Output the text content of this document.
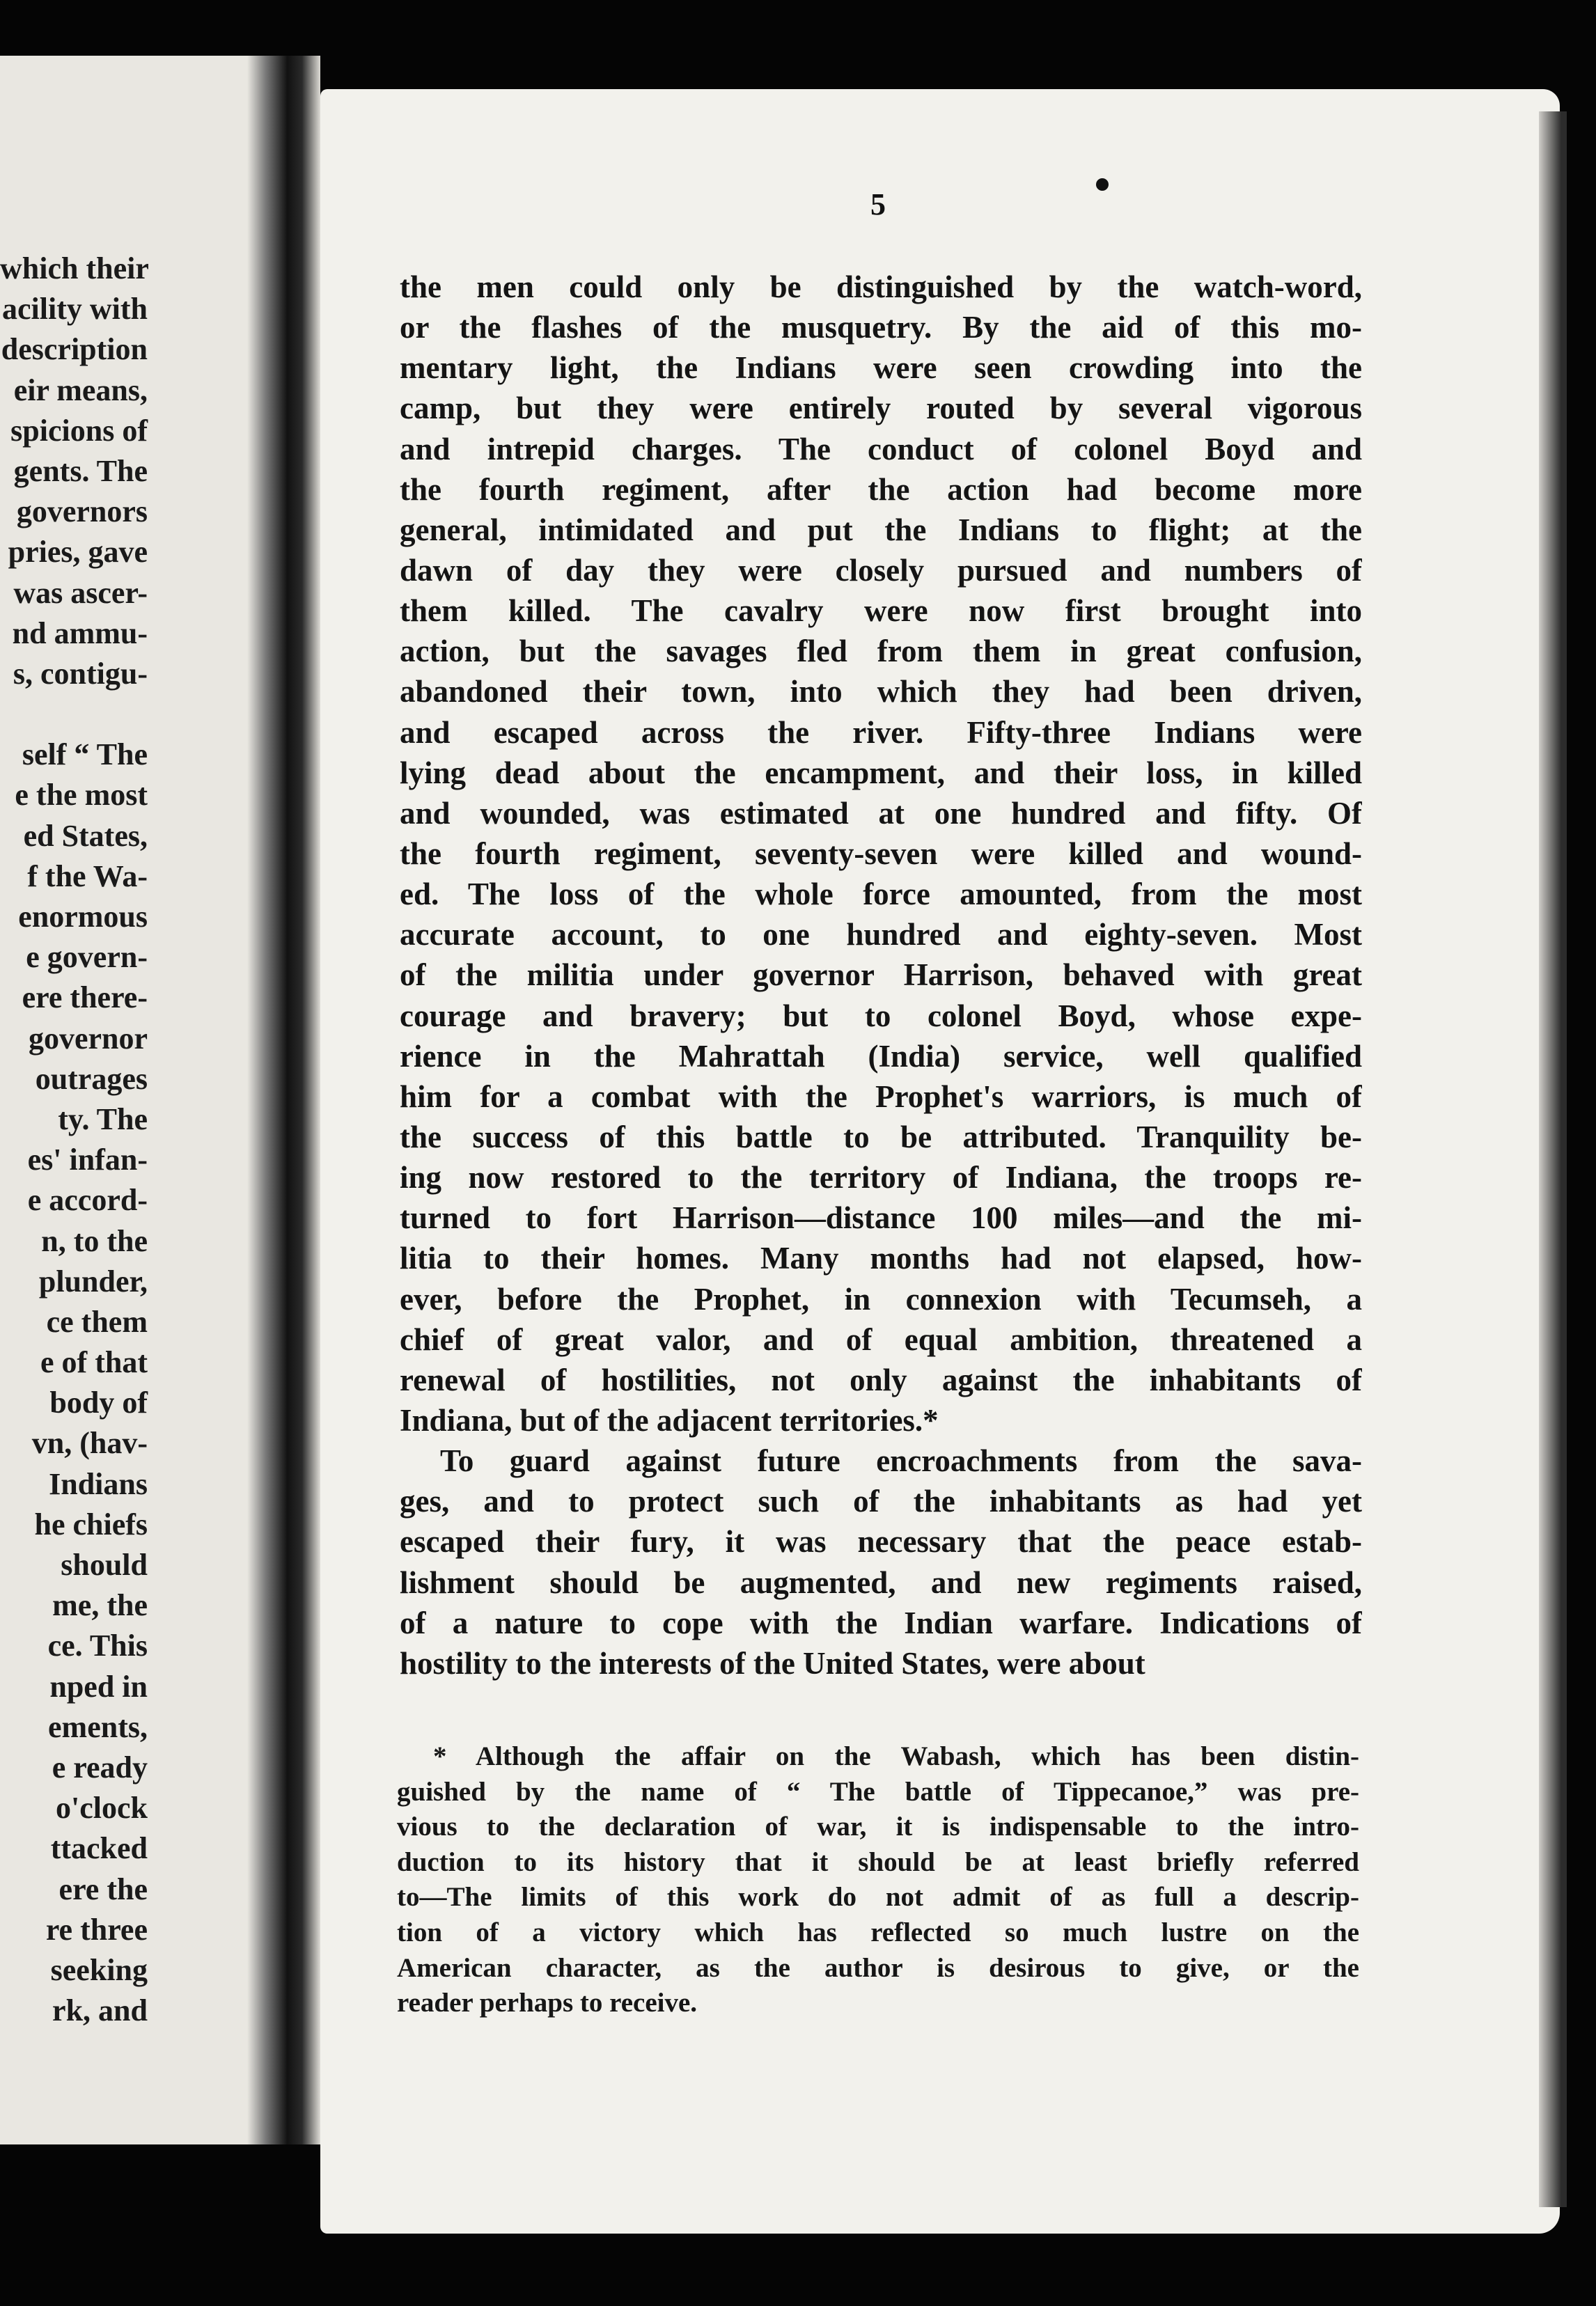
which their
acility with
description
eir means,
spicions of
gents. The
governors
pries, gave
was ascer-
nd ammu-
s, contigu-
self “ The
e the most
ed States,
f the Wa-
enormous
e govern-
ere there-
governor
outrages
ty. The
es' infan-
e accord-
n, to the
plunder,
ce them
e of that
body of
vn, (hav-
Indians
he chiefs
should
me, the
ce. This
nped in
ements,
e ready
o'clock
ttacked
ere the
re three
seeking
rk, and
5
the men could only be distinguished by the watch-word,
or the flashes of the musquetry. By the aid of this mo-
mentary light, the Indians were seen crowding into the
camp, but they were entirely routed by several vigorous
and intrepid charges. The conduct of colonel Boyd and
the fourth regiment, after the action had become more
general, intimidated and put the Indians to flight; at the
dawn of day they were closely pursued and numbers of
them killed. The cavalry were now first brought into
action, but the savages fled from them in great confusion,
abandoned their town, into which they had been driven,
and escaped across the river. Fifty-three Indians were
lying dead about the encampment, and their loss, in killed
and wounded, was estimated at one hundred and fifty. Of
the fourth regiment, seventy-seven were killed and wound-
ed. The loss of the whole force amounted, from the most
accurate account, to one hundred and eighty-seven. Most
of the militia under governor Harrison, behaved with great
courage and bravery; but to colonel Boyd, whose expe-
rience in the Mahrattah (India) service, well qualified
him for a combat with the Prophet's warriors, is much of
the success of this battle to be attributed. Tranquility be-
ing now restored to the territory of Indiana, the troops re-
turned to fort Harrison—distance 100 miles—and the mi-
litia to their homes. Many months had not elapsed, how-
ever, before the Prophet, in connexion with Tecumseh, a
chief of great valor, and of equal ambition, threatened a
renewal of hostilities, not only against the inhabitants of
Indiana, but of the adjacent territories.*
To guard against future encroachments from the sava-
ges, and to protect such of the inhabitants as had yet
escaped their fury, it was necessary that the peace estab-
lishment should be augmented, and new regiments raised,
of a nature to cope with the Indian warfare. Indications of
hostility to the interests of the United States, were about
* Although the affair on the Wabash, which has been distin-
guished by the name of “ The battle of Tippecanoe,” was pre-
vious to the declaration of war, it is indispensable to the intro-
duction to its history that it should be at least briefly referred
to—The limits of this work do not admit of as full a descrip-
tion of a victory which has reflected so much lustre on the
American character, as the author is desirous to give, or the
reader perhaps to receive.
